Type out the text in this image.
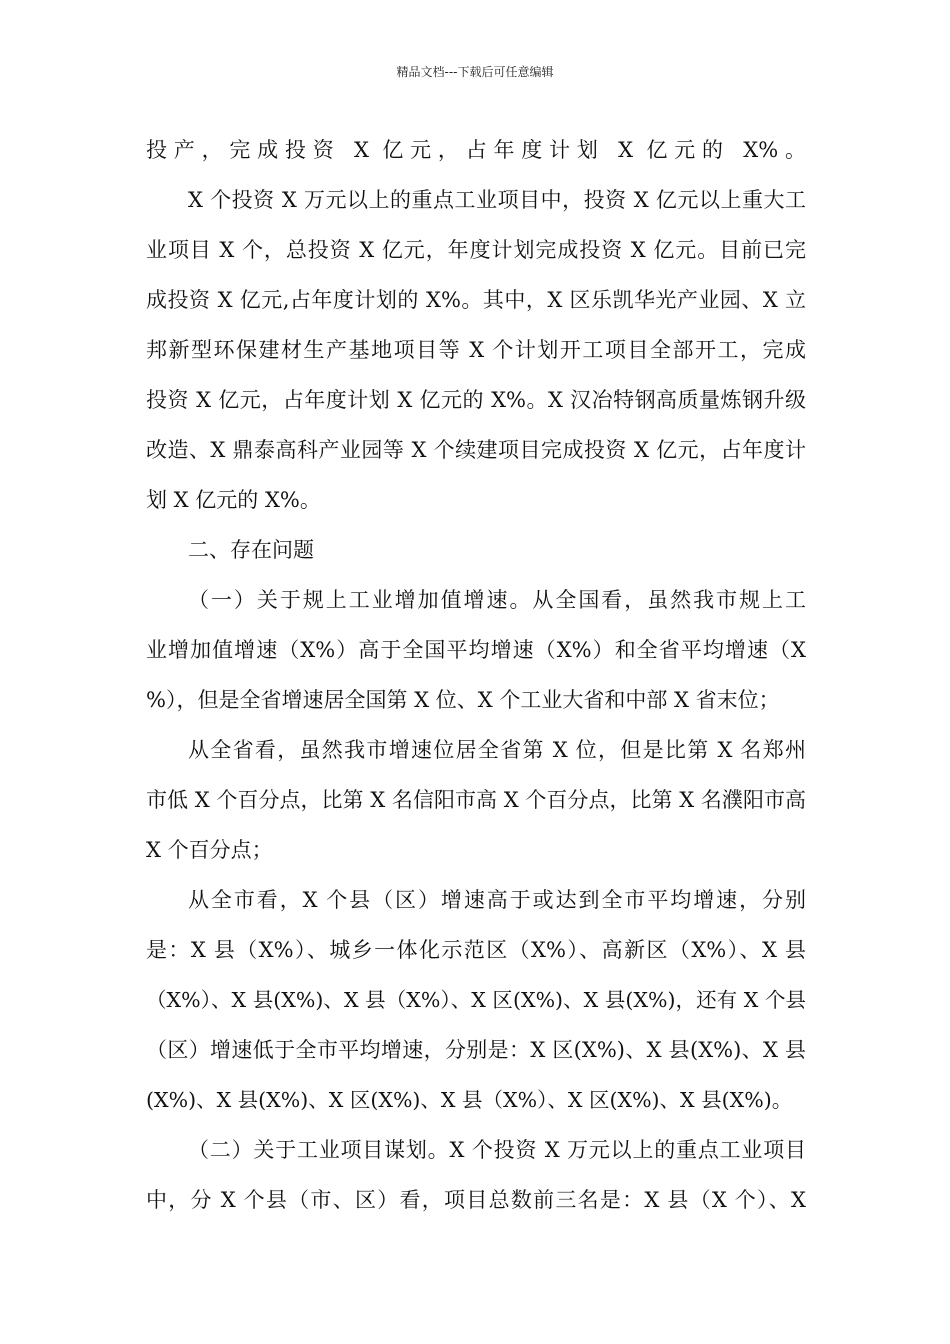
精品文档---下载后可任意编辑
投产，完成投资 X 亿元，占年度计划 X 亿元的 X%。
X 个投资 X 万元以上的重点工业项目中，投资 X 亿元以上重大工
业项目 X 个，总投资 X 亿元，年度计划完成投资 X 亿元。目前已完
成投资 X 亿元,占年度计划的 X%。其中，X 区乐凯华光产业园、X 立
邦新型环保建材生产基地项目等 X 个计划开工项目全部开工，完成
投资 X 亿元，占年度计划 X 亿元的 X%。X 汉冶特钢高质量炼钢升级
改造、X 鼎泰高科产业园等 X 个续建项目完成投资 X 亿元，占年度计
划 X 亿元的 X%。
二、存在问题
（一）关于规上工业增加值增速。从全国看，虽然我市规上工
业增加值增速（X%）高于全国平均增速（X%）和全省平均增速（X
%），但是全省增速居全国第 X 位、X 个工业大省和中部 X 省末位；
从全省看，虽然我市增速位居全省第 X 位，但是比第 X 名郑州
市低 X 个百分点，比第 X 名信阳市高 X 个百分点，比第 X 名濮阳市高
X 个百分点；
从全市看，X 个县（区）增速高于或达到全市平均增速，分别
是：X 县（X%）、城乡一体化示范区（X%）、高新区（X%）、X 县
（X%）、X 县(X%)、X 县（X%）、X 区(X%)、X 县(X%)，还有 X 个县
（区）增速低于全市平均增速，分别是：X 区(X%)、X 县(X%)、X 县
(X%)、X 县(X%)、X 区(X%)、X 县（X%）、X 区(X%)、X 县(X%)。
（二）关于工业项目谋划。X 个投资 X 万元以上的重点工业项目
中，分 X 个县（市、区）看，项目总数前三名是：X 县（X 个）、X
